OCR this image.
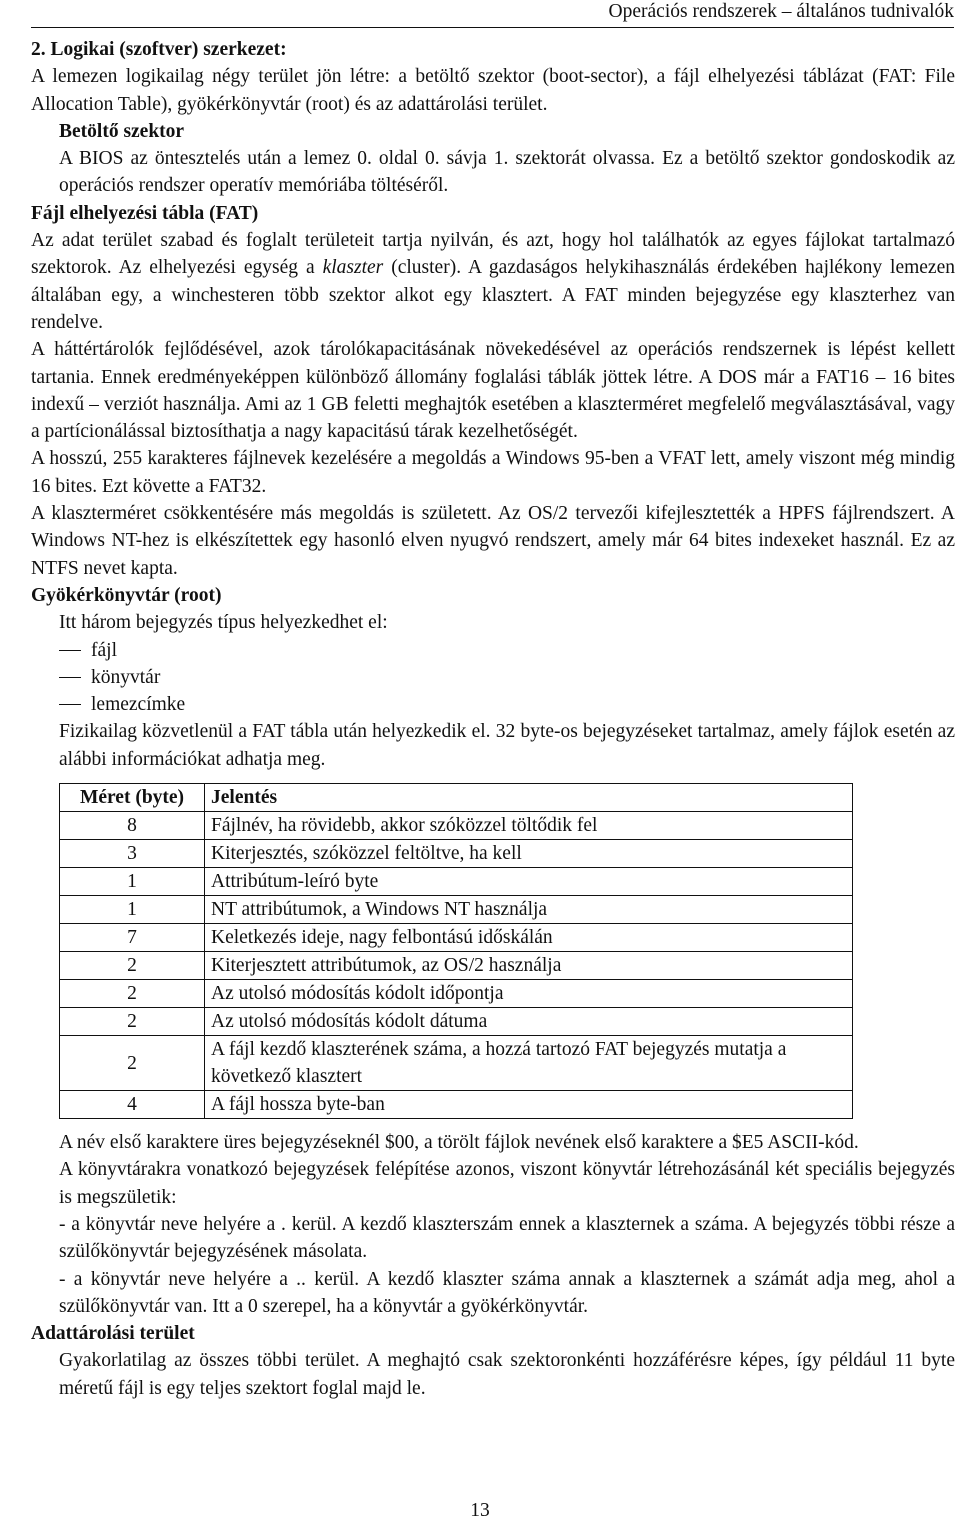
Operációs rendszerek – általános tudnivalók
2. Logikai (szoftver) szerkezet:
A lemezen logikailag négy terület jön létre: a betöltő szektor (boot-sector), a fájl elhelyezési táblázat (FAT: File Allocation Table), gyökérkönyvtár (root) és az adattárolási terület.
Betöltő szektor
A BIOS az öntesztelés után a lemez 0. oldal 0. sávja 1. szektorát olvassa. Ez a betöltő szektor gondoskodik az operációs rendszer operatív memóriába töltéséről.
Fájl elhelyezési tábla (FAT)
Az adat terület szabad és foglalt területeit tartja nyilván, és azt, hogy hol találhatók az egyes fájlokat tartalmazó szektorok. Az elhelyezési egység a klaszter (cluster). A gazdaságos helykihasználás érdekében hajlékony lemezen általában egy, a winchesteren több szektor alkot egy klasztert. A FAT minden bejegyzése egy klaszterhez van rendelve.
A háttértárolók fejlődésével, azok tárolókapacitásának növekedésével az operációs rendszernek is lépést kellett tartania. Ennek eredményeképpen különböző állomány foglalási táblák jöttek létre. A DOS már a FAT16 – 16 bites indexű – verziót használja. Ami az 1 GB feletti meghajtók esetében a klaszterméret megfelelő megválasztásával, vagy a partícionálással biztosíthatja a nagy kapacitású tárak kezelhetőségét.
A hosszú, 255 karakteres fájlnevek kezelésére a megoldás a Windows 95-ben a VFAT lett, amely viszont még mindig 16 bites. Ezt követte a FAT32.
A klaszterméret csökkentésére más megoldás is született. Az OS/2 tervezői kifejlesztették a HPFS fájlrendszert. A Windows NT-hez is elkészítettek egy hasonló elven nyugvó rendszert, amely már 64 bites indexeket használ. Ez az NTFS nevet kapta.
Gyökérkönyvtár (root)
Itt három bejegyzés típus helyezkedhet el:
fájl
könyvtár
lemezcímke
Fizikailag közvetlenül a FAT tábla után helyezkedik el. 32 byte-os bejegyzéseket tartalmaz, amely fájlok esetén az alábbi információkat adhatja meg.
Méret (byte)	Jelentés
8	Fájlnév, ha rövidebb, akkor szóközzel töltődik fel
3	Kiterjesztés, szóközzel feltöltve, ha kell
1	Attribútum-leíró byte
1	NT attribútumok, a Windows NT használja
7	Keletkezés ideje, nagy felbontású időskálán
2	Kiterjesztett attribútumok, az OS/2 használja
2	Az utolsó módosítás kódolt időpontja
2	Az utolsó módosítás kódolt dátuma
2	A fájl kezdő klaszterének száma, a hozzá tartozó FAT bejegyzés mutatja a következő klasztert
4	A fájl hossza byte-ban
A név első karaktere üres bejegyzéseknél $00, a törölt fájlok nevének első karaktere a $E5 ASCII-kód.
A könyvtárakra vonatkozó bejegyzések felépítése azonos, viszont könyvtár létrehozásánál két speciális bejegyzés is megszületik:
- a könyvtár neve helyére a . kerül. A kezdő klaszterszám ennek a klaszternek a száma. A bejegyzés többi része a szülőkönyvtár bejegyzésének másolata.
- a könyvtár neve helyére a .. kerül. A kezdő klaszter száma annak a klaszternek a számát adja meg, ahol a szülőkönyvtár van. Itt a 0 szerepel, ha a könyvtár a gyökérkönyvtár.
Adattárolási terület
Gyakorlatilag az összes többi terület. A meghajtó csak szektoronkénti hozzáférésre képes, így például 11 byte méretű fájl is egy teljes szektort foglal majd le.
13
